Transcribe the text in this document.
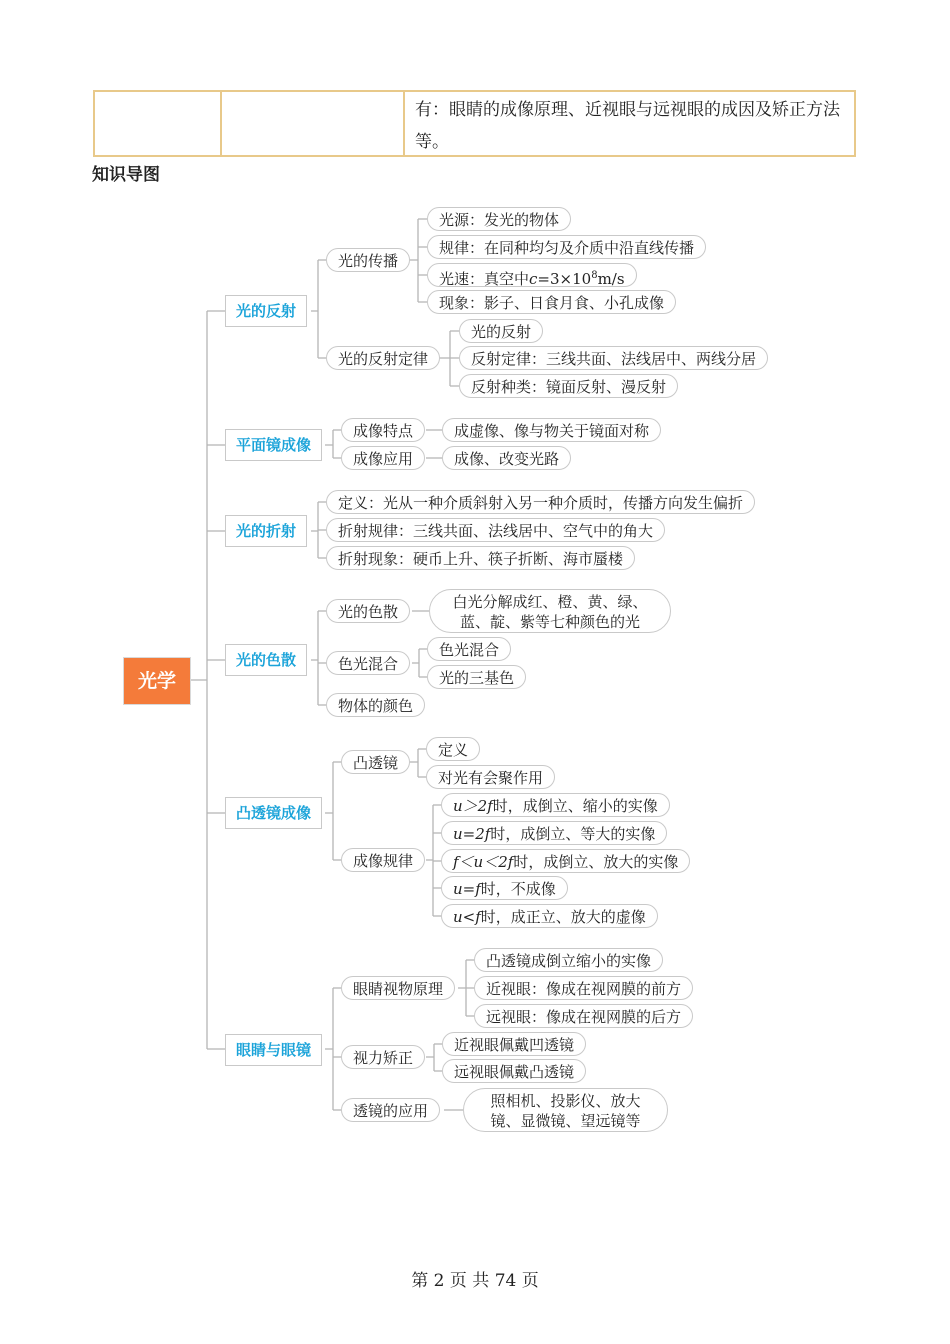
有：眼睛的成像原理、近视眼与远视眼的成因及矫正方法等。
知识导图
光学
光的反射
光的传播
光源：发光的物体
规律：在同种均匀及介质中沿直线传播
光速：真空中$c=3\times 10^8m/s$
现象：影子、日食月食、小孔成像
光的反射定律
光的反射
反射定律：三线共面、法线居中、两线分居
反射种类：镜面反射、漫反射
平面镜成像
成像特点	成虚像、像与物关于镜面对称
成像应用	成像、改变光路
光的折射
定义：光从一种介质斜射入另一种介质时，传播方向发生偏折
折射规律：三线共面、法线居中、空气中的角大
折射现象：硬币上升、筷子折断、海市蜃楼
光的色散
光的色散
白光分解成红、橙、黄、绿、蓝、靛、紫等七种颜色的光
色光混合
色光混合
光的三基色
物体的颜色
凸透镜成像
凸透镜
定义
对光有会聚作用
成像规律
u＞2f时，成倒立、缩小的实像
u=2f时，成倒立、等大的实像
f＜u＜2f时，成倒立、放大的实像
u=f时，不成像
u<f时，成正立、放大的虚像
眼睛与眼镜
眼睛视物原理
凸透镜成倒立缩小的实像
近视眼：像成在视网膜的前方
远视眼：像成在视网膜的后方
视力矫正
近视眼佩戴凹透镜
远视眼佩戴凸透镜
透镜的应用
照相机、投影仪、放大镜、显微镜、望远镜等
第 2 页 共 74 页
